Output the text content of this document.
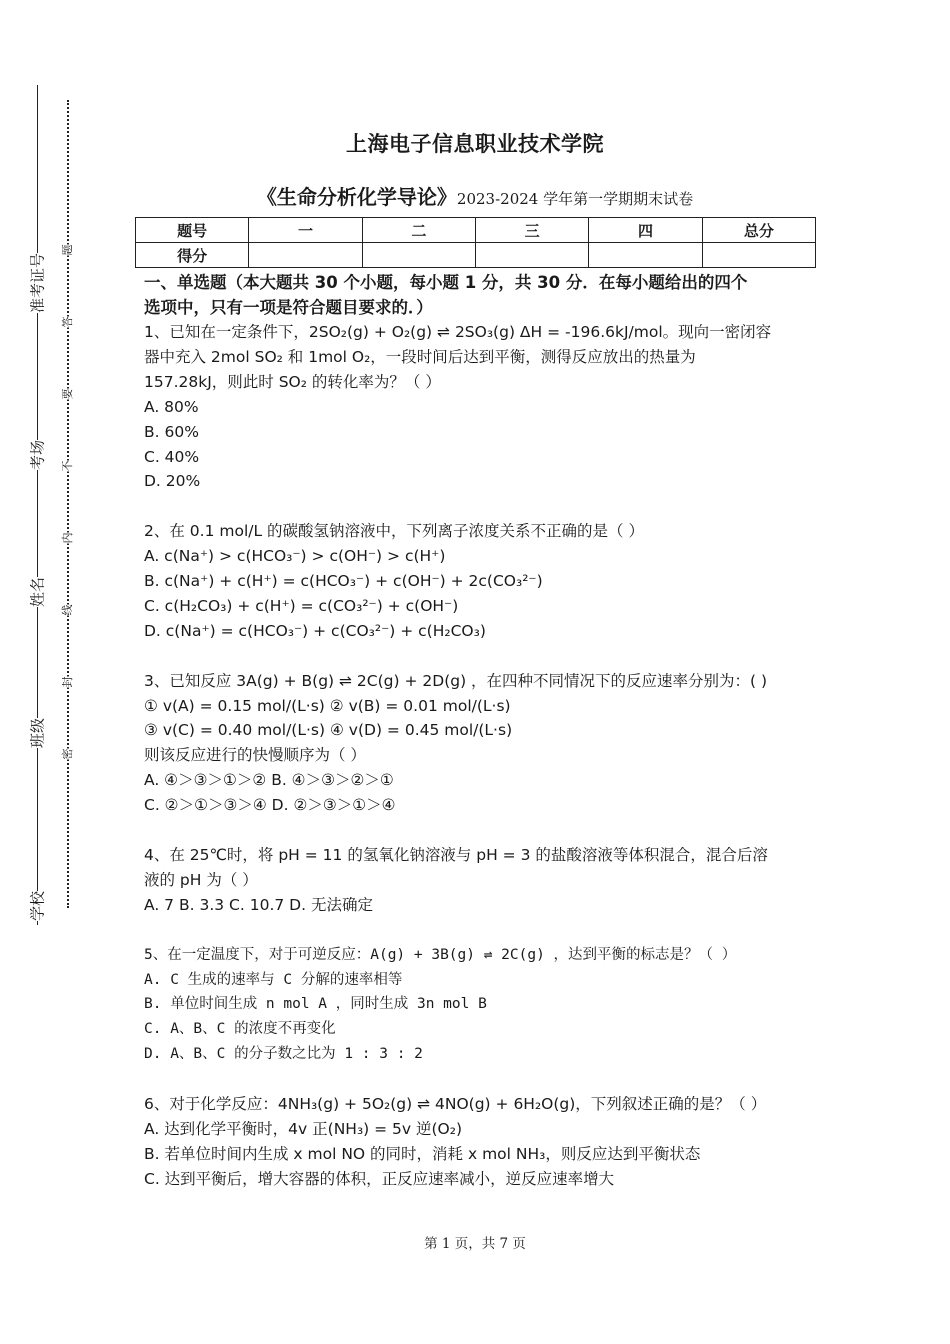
准考证号
考场
姓名
班级
学校
题
答
要
不
内
线
封
密
上海电子信息职业技术学院
《生命分析化学导论》2023-2024 学年第一学期期末试卷
题号	一	二	三	四	总分
得分					
一、单选题（本大题共 30 个小题，每小题 1 分，共 30 分．在每小题给出的四个
选项中，只有一项是符合题目要求的．）
1、已知在一定条件下，2SO₂(g) + O₂(g) ⇌ 2SO₃(g) ΔH = -196.6kJ/mol。现向一密闭容
器中充入 2mol SO₂ 和 1mol O₂，一段时间后达到平衡，测得反应放出的热量为
157.28kJ，则此时 SO₂ 的转化率为？（ ）
A. 80%
B. 60%
C. 40%
D. 20%
2、在 0.1 mol/L 的碳酸氢钠溶液中，下列离子浓度关系不正确的是（ ）
A. c(Na⁺) > c(HCO₃⁻) > c(OH⁻) > c(H⁺)
B. c(Na⁺) + c(H⁺) = c(HCO₃⁻) + c(OH⁻) + 2c(CO₃²⁻)
C. c(H₂CO₃) + c(H⁺) = c(CO₃²⁻) + c(OH⁻)
D. c(Na⁺) = c(HCO₃⁻) + c(CO₃²⁻) + c(H₂CO₃)
3、已知反应 3A(g) + B(g) ⇌ 2C(g) + 2D(g) ，在四种不同情况下的反应速率分别为：( )
① v(A) = 0.15 mol/(L·s) ② v(B) = 0.01 mol/(L·s)
③ v(C) = 0.40 mol/(L·s) ④ v(D) = 0.45 mol/(L·s)
则该反应进行的快慢顺序为（ ）
A. ④＞③＞①＞② B. ④＞③＞②＞①
C. ②＞①＞③＞④ D. ②＞③＞①＞④
4、在 25℃时，将 pH = 11 的氢氧化钠溶液与 pH = 3 的盐酸溶液等体积混合，混合后溶
液的 pH 为（ ）
A. 7 B. 3.3 C. 10.7 D. 无法确定
5、在一定温度下，对于可逆反应：A(g) + 3B(g) ⇌ 2C(g) ，达到平衡的标志是？（ ）
A. C 生成的速率与 C 分解的速率相等
B. 单位时间生成 n mol A ，同时生成 3n mol B
C. A、B、C 的浓度不再变化
D. A、B、C 的分子数之比为 1 : 3 : 2
6、对于化学反应：4NH₃(g) + 5O₂(g) ⇌ 4NO(g) + 6H₂O(g)，下列叙述正确的是？（ ）
A. 达到化学平衡时，4v 正(NH₃) = 5v 逆(O₂)
B. 若单位时间内生成 x mol NO 的同时，消耗 x mol NH₃，则反应达到平衡状态
C. 达到平衡后，增大容器的体积，正反应速率减小，逆反应速率增大
第 1 页，共 7 页
